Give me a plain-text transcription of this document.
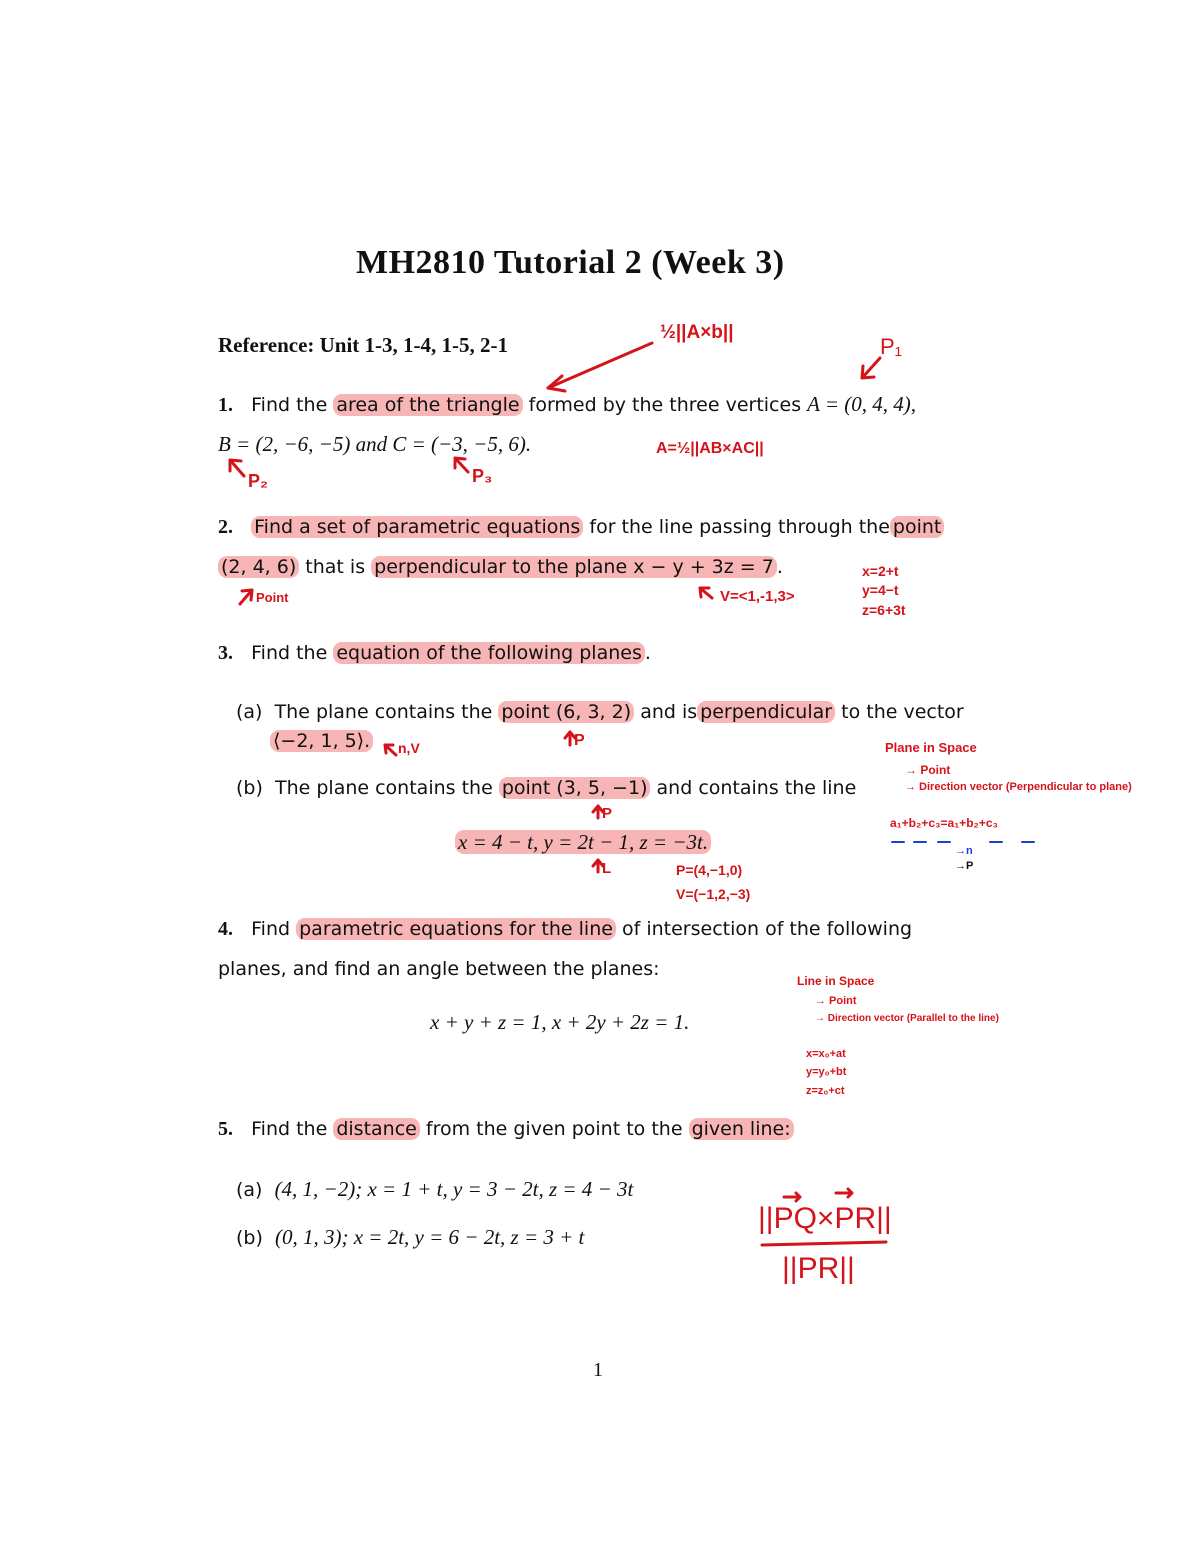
MH2810 Tutorial 2 (Week 3)
Reference: Unit 1-3, 1-4, 1-5, 2-1
1. Find the area of the triangle formed by the three vertices A = (0, 4, 4),
B = (2, −6, −5) and C = (−3, −5, 6).
2. Find a set of parametric equations for the line passing through the point
(2, 4, 6) that is perpendicular to the plane x − y + 3z = 7 .
3. Find the equation of the following planes .
(a) The plane contains the point (6, 3, 2) and is perpendicular to the vector
⟨−2, 1, 5⟩.
(b) The plane contains the point (3, 5, −1) and contains the line
x = 4 − t, y = 2t − 1, z = −3t.
4. Find parametric equations for the line of intersection of the following
planes, and find an angle between the planes:
x + y + z = 1, x + 2y + 2z = 1.
5. Find the distance from the given point to the given line:
(a) (4, 1, −2); x = 1 + t, y = 3 − 2t, z = 4 − 3t
(b) (0, 1, 3); x = 2t, y = 6 − 2t, z = 3 + t
1
½||A×b||
P₁
A=½||AB×AC||
P₂	P₃
Point	V=<1,-1,3>
x=2+t
y=4−t
z=6+3t
n,V	P	Plane in Space
→ Point
→ Direction vector (Perpendicular to plane)
a₁+b₂+c₃=a₁+b₂+c₃
→n
→P
P
L	P=(4,−1,0)
V=(−1,2,−3)
Line in Space
→ Point
→ Direction vector (Parallel to the line)
x=x₀+at
y=y₀+bt
z=z₀+ct
||PQ×PR||
||PR||
